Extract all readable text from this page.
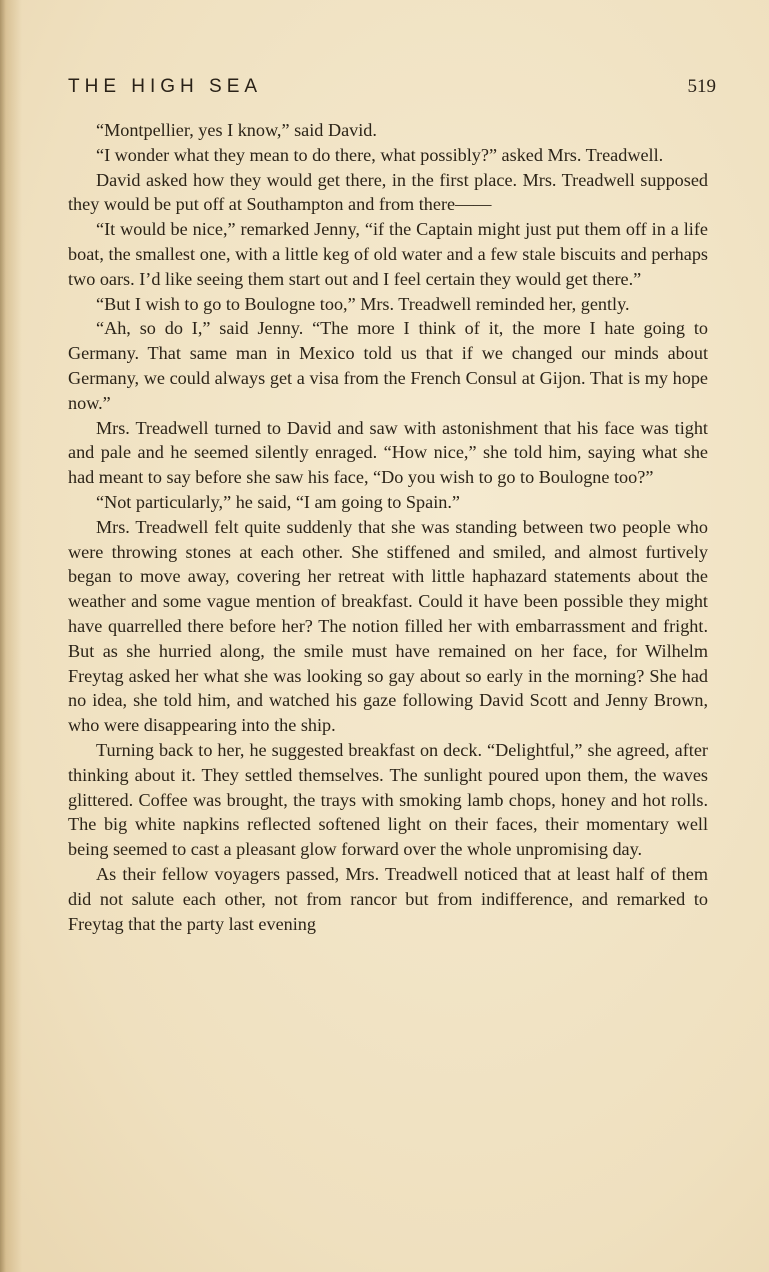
THE HIGH SEA	519

“Montpellier, yes I know,” said David.

“I wonder what they mean to do there, what possibly?” asked Mrs. Treadwell.

David asked how they would get there, in the first place. Mrs. Treadwell supposed they would be put off at Southampton and from there——

“It would be nice,” remarked Jenny, “if the Captain might just put them off in a life boat, the smallest one, with a little keg of old water and a few stale biscuits and perhaps two oars. I’d like seeing them start out and I feel certain they would get there.”

“But I wish to go to Boulogne too,” Mrs. Treadwell reminded her, gently.

“Ah, so do I,” said Jenny. “The more I think of it, the more I hate going to Germany. That same man in Mexico told us that if we changed our minds about Germany, we could always get a visa from the French Consul at Gijon. That is my hope now.”

Mrs. Treadwell turned to David and saw with astonishment that his face was tight and pale and he seemed silently enraged. “How nice,” she told him, saying what she had meant to say before she saw his face, “Do you wish to go to Boulogne too?”

“Not particularly,” he said, “I am going to Spain.”

Mrs. Treadwell felt quite suddenly that she was standing between two people who were throwing stones at each other. She stiffened and smiled, and almost furtively began to move away, covering her retreat with little haphazard statements about the weather and some vague mention of breakfast. Could it have been possible they might have quarrelled there before her? The notion filled her with embarrassment and fright. But as she hurried along, the smile must have remained on her face, for Wilhelm Freytag asked her what she was looking so gay about so early in the morning? She had no idea, she told him, and watched his gaze following David Scott and Jenny Brown, who were disappearing into the ship.

Turning back to her, he suggested breakfast on deck. “Delightful,” she agreed, after thinking about it. They settled themselves. The sunlight poured upon them, the waves glittered. Coffee was brought, the trays with smoking lamb chops, honey and hot rolls. The big white napkins reflected softened light on their faces, their momentary well being seemed to cast a pleasant glow forward over the whole unpromising day.

As their fellow voyagers passed, Mrs. Treadwell noticed that at least half of them did not salute each other, not from rancor but from indifference, and remarked to Freytag that the party last evening
